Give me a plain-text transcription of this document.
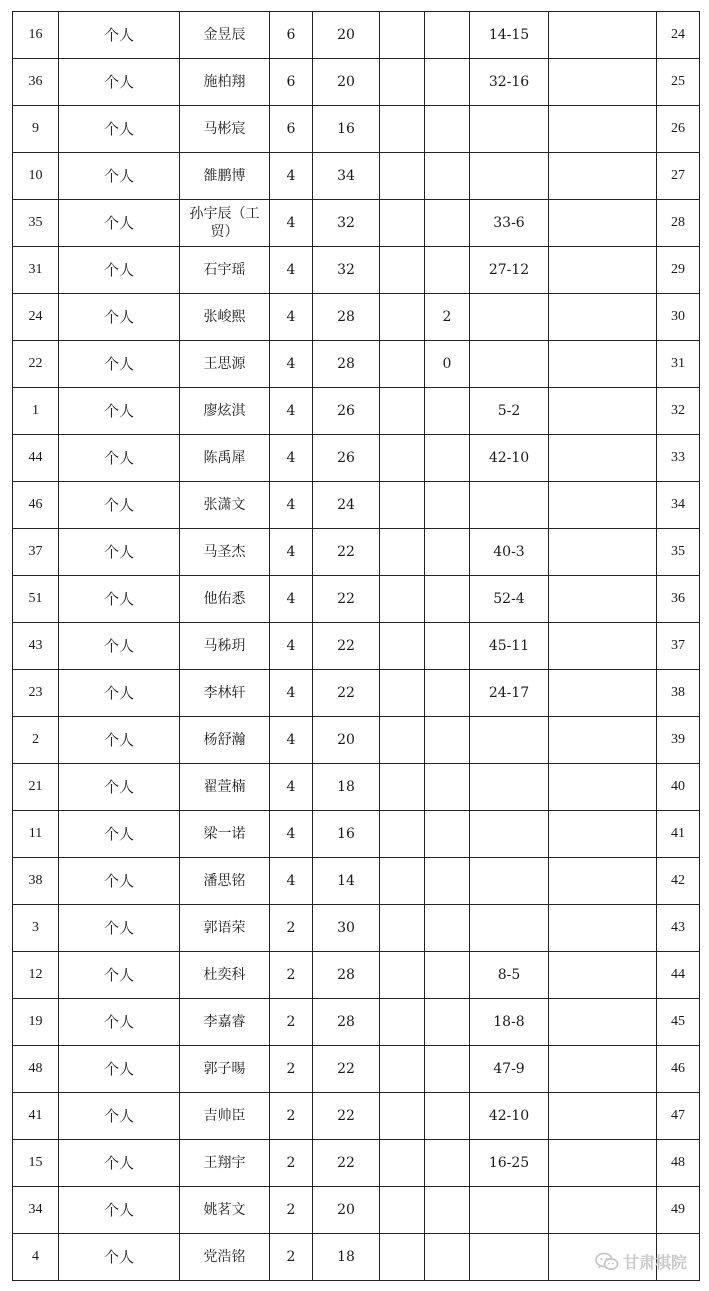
16	个人	金昱辰	6	20			14-15		24
36	个人	施柏翔	6	20			32-16		25
9	个人	马彬宸	6	16					26
10	个人	雒鹏博	4	34					27
35	个人	孙宇辰（工贸）	4	32			33-6		28
31	个人	石宇瑶	4	32			27-12		29
24	个人	张峻熙	4	28		2			30
22	个人	王思源	4	28		0			31
1	个人	廖炫淇	4	26			5-2		32
44	个人	陈禹犀	4	26			42-10		33
46	个人	张潇文	4	24					34
37	个人	马圣杰	4	22			40-3		35
51	个人	他佑悉	4	22			52-4		36
43	个人	马秭玥	4	22			45-11		37
23	个人	李林轩	4	22			24-17		38
2	个人	杨舒瀚	4	20					39
21	个人	翟萱楠	4	18					40
11	个人	梁一诺	4	16					41
38	个人	潘思铭	4	14					42
3	个人	郭语荣	2	30					43
12	个人	杜奕科	2	28			8-5		44
19	个人	李嘉睿	2	28			18-8		45
48	个人	郭子晹	2	22			47-9		46
41	个人	吉帅臣	2	22			42-10		47
15	个人	王翔宇	2	22			16-25		48
34	个人	姚茗文	2	20					49
4	个人	党浩铭	2	18						甘肃棋院
